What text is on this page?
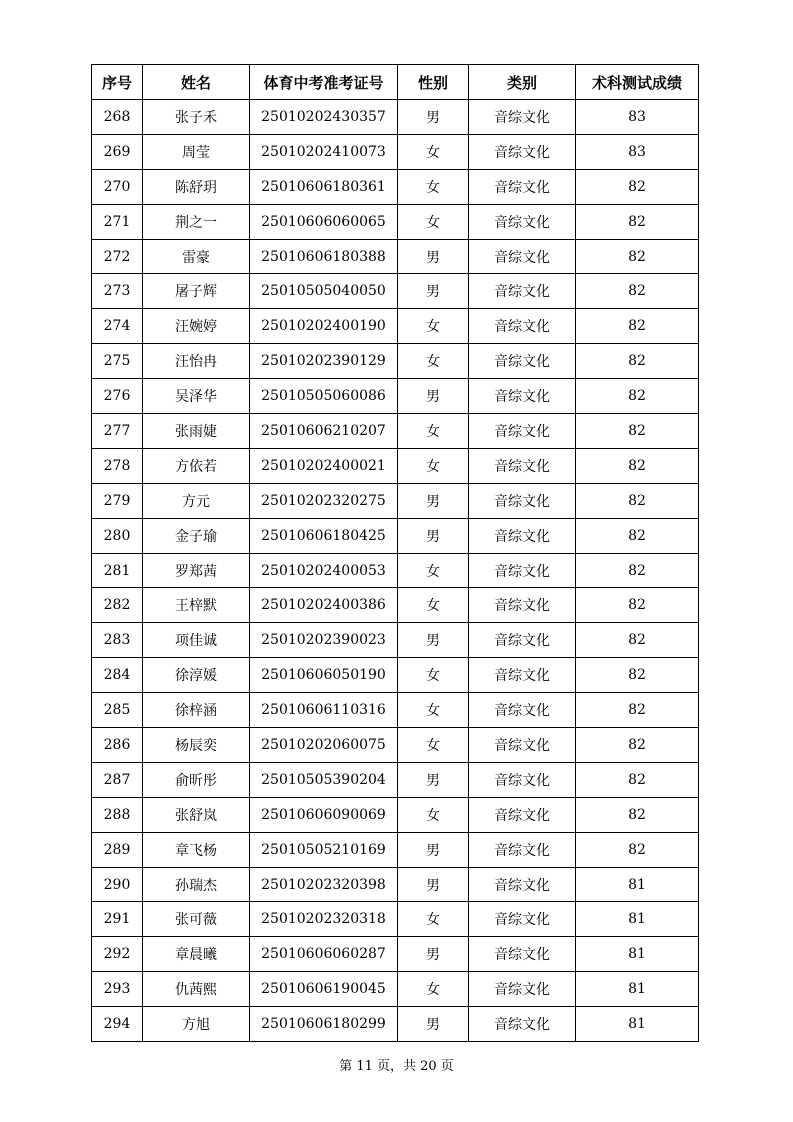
序号	姓名	体育中考准考证号	性别	类别	术科测试成绩
268	张子禾	25010202430357	男	音综文化	83
269	周莹	25010202410073	女	音综文化	83
270	陈舒玥	25010606180361	女	音综文化	82
271	荆之一	25010606060065	女	音综文化	82
272	雷豪	25010606180388	男	音综文化	82
273	屠子辉	25010505040050	男	音综文化	82
274	汪婉婷	25010202400190	女	音综文化	82
275	汪怡冉	25010202390129	女	音综文化	82
276	吴泽华	25010505060086	男	音综文化	82
277	张雨婕	25010606210207	女	音综文化	82
278	方依若	25010202400021	女	音综文化	82
279	方元	25010202320275	男	音综文化	82
280	金子瑜	25010606180425	男	音综文化	82
281	罗郑茜	25010202400053	女	音综文化	82
282	王梓默	25010202400386	女	音综文化	82
283	项佳诚	25010202390023	男	音综文化	82
284	徐淳媛	25010606050190	女	音综文化	82
285	徐梓涵	25010606110316	女	音综文化	82
286	杨辰奕	25010202060075	女	音综文化	82
287	俞昕彤	25010505390204	男	音综文化	82
288	张舒岚	25010606090069	女	音综文化	82
289	章飞杨	25010505210169	男	音综文化	82
290	孙瑞杰	25010202320398	男	音综文化	81
291	张可薇	25010202320318	女	音综文化	81
292	章晨曦	25010606060287	男	音综文化	81
293	仇茜熙	25010606190045	女	音综文化	81
294	方旭	25010606180299	男	音综文化	81
第 11 页，共 20 页
